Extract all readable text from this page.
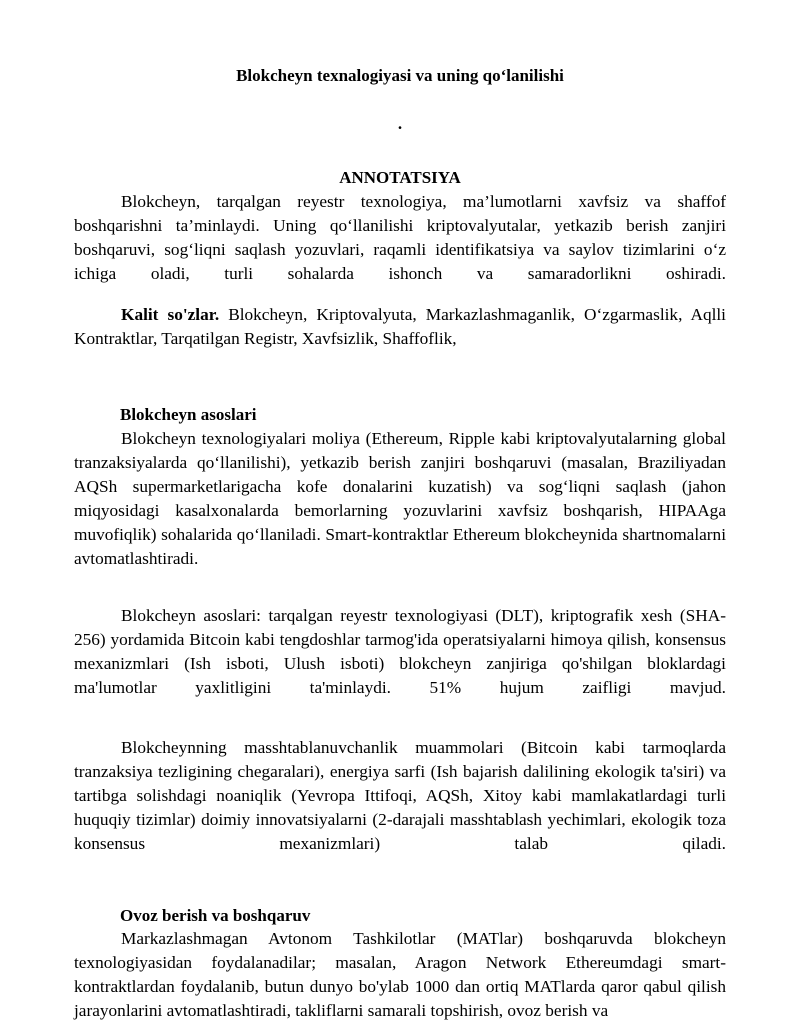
Blokcheyn texnalogiyasi va uning qo‘lanilishi
.
ANNOTATSIYA

Blokcheyn, tarqalgan reyestr texnologiya, ma’lumotlarni xavfsiz va shaffof boshqarishni ta’minlaydi. Uning qo‘llanilishi kriptovalyutalar, yetkazib berish zanjiri boshqaruvi, sog‘liqni saqlash yozuvlari, raqamli identifikatsiya va saylov tizimlarini o‘z ichiga oladi, turli sohalarda ishonch va samaradorlikni oshiradi.

Kalit so'zlar. Blokcheyn, Kriptovalyuta, Markazlashmaganlik, O‘zgarmaslik, Aqlli Kontraktlar, Tarqatilgan Registr, Xavfsizlik, Shaffoflik,

Blokcheyn asoslari

Blokcheyn texnologiyalari moliya (Ethereum, Ripple kabi kriptovalyutalarning global tranzaksiyalarda qo‘llanilishi), yetkazib berish zanjiri boshqaruvi (masalan, Braziliyadan AQSh supermarketlarigacha kofe donalarini kuzatish) va sog‘liqni saqlash (jahon miqyosidagi kasalxonalarda bemorlarning yozuvlarini xavfsiz boshqarish, HIPAAga muvofiqlik) sohalarida qo‘llaniladi. Smart-kontraktlar Ethereum blokcheynida shartnomalarni avtomatlashtiradi.

Blokcheyn asoslari: tarqalgan reyestr texnologiyasi (DLT), kriptografik xesh (SHA-256) yordamida Bitcoin kabi tengdoshlar tarmog'ida operatsiyalarni himoya qilish, konsensus mexanizmlari (Ish isboti, Ulush isboti) blokcheyn zanjiriga qo'shilgan bloklardagi ma'lumotlar yaxlitligini ta'minlaydi. 51% hujum zaifligi mavjud.

Blokcheynning masshtablanuvchanlik muammolari (Bitcoin kabi tarmoqlarda tranzaksiya tezligining chegaralari), energiya sarfi (Ish bajarish dalilining ekologik ta'siri) va tartibga solishdagi noaniqlik (Yevropa Ittifoqi, AQSh, Xitoy kabi mamlakatlardagi turli huquqiy tizimlar) doimiy innovatsiyalarni (2-darajali masshtablash yechimlari, ekologik toza konsensus mexanizmlari) talab qiladi.

Ovoz berish va boshqaruv

Markazlashmagan Avtonom Tashkilotlar (MATlar) boshqaruvda blokcheyn texnologiyasidan foydalanadilar; masalan, Aragon Network Ethereumdagi smart-kontraktlardan foydalanib, butun dunyo bo'ylab 1000 dan ortiq MATlarda qaror qabul qilish jarayonlarini avtomatlashtiradi, takliflarni samarali topshirish, ovoz berish va
